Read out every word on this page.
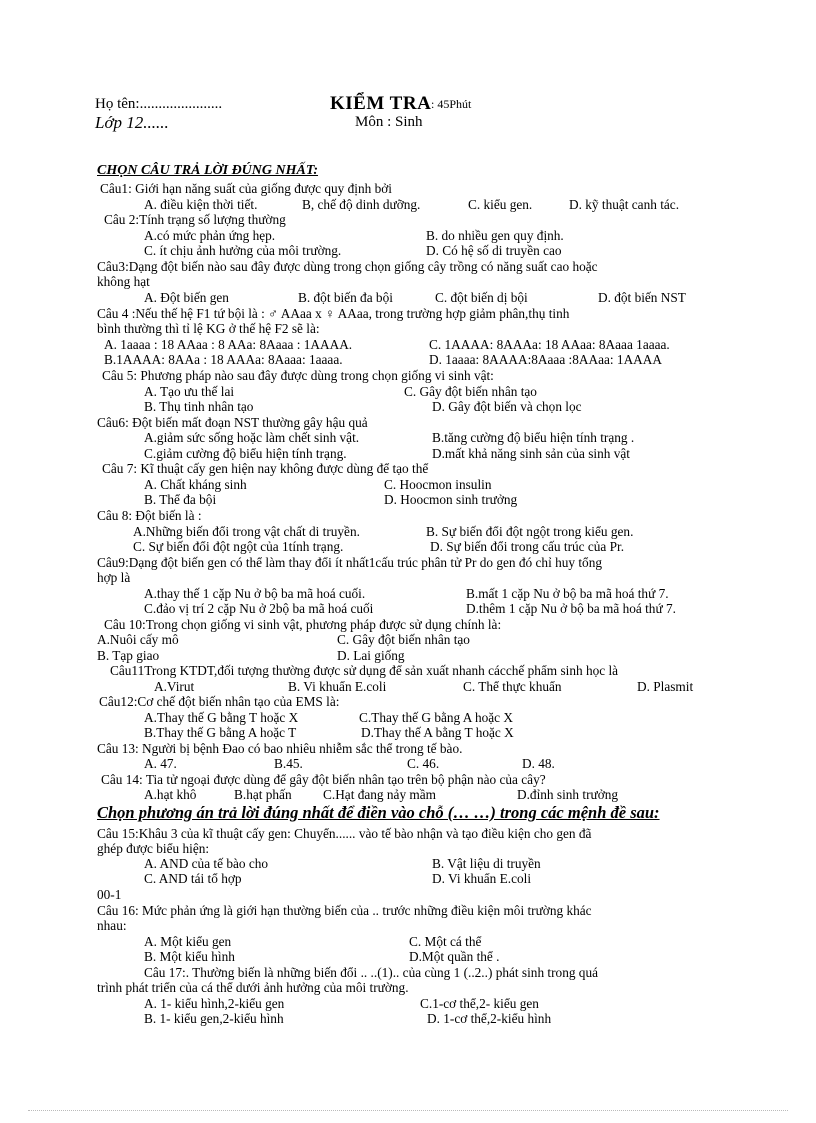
Họ tên:......................
Lớp 12......
KIỂM TRA : 45Phút
Môn : Sinh
CHỌN CÂU TRẢ LỜI ĐÚNG NHẤT:
Câu1: Giới hạn năng suất của giống được quy định bởi
A. điều kiện thời tiết.	B, chế độ dinh dưỡng.	C. kiểu gen.	D. kỹ thuật canh tác.
Câu 2:Tính trạng số lượng thường
A.có mức phản ứng hẹp.	B. do nhiều gen quy định.
C. ít chịu ảnh hưởng của môi trường.	D. Có hệ số di truyền cao
Câu3:Dạng đột biến nào sau đây được dùng trong chọn giống cây trồng có năng suất cao hoặc
không hạt
A. Đột biến gen	B. đột biến đa bội	C. đột biến dị bội	D. đột biến NST
Câu 4 :Nếu thế hệ F1 tứ bội là : ♂ AAaa x ♀ AAaa, trong trường hợp giảm phân,thụ tinh
bình thường thì tỉ lệ KG ở thế hệ F2 sẽ là:
A. 1aaaa : 18 AAaa : 8 AAa: 8Aaaa : 1AAAA.	C. 1AAAA: 8AAAa: 18 AAaa: 8Aaaa 1aaaa.
B.1AAAA: 8AAa : 18 AAAa: 8Aaaa: 1aaaa.	D. 1aaaa: 8AAAA:8Aaaa :8AAaa: 1AAAA
Câu 5: Phương pháp nào sau đây được dùng trong chọn giống vi sinh vật:
A. Tạo ưu thế lai	C. Gây đột biến nhân tạo
B. Thụ tinh nhân tạo	D. Gây đột biến và chọn lọc
Câu6: Đột biến mất đoạn NST thường gây hậu quả
A.giảm sức sống hoặc làm chết sinh vật.	B.tăng cường độ biểu hiện tính trạng .
C.giảm cường độ biểu hiện tính trạng.	D.mất khả năng sinh sản của sinh vật
Câu 7: Kĩ thuật cấy gen hiện nay không được dùng để tạo thể
A. Chất kháng sinh	C. Hoocmon insulin
B. Thể đa bội	D. Hoocmon sinh trưởng
Câu 8: Đột biến là :
A.Những biến đổi trong vật chất di truyền.	B. Sự biến đổi đột ngột trong kiểu gen.
C. Sự biến đổi đột ngột của 1tính trạng.	D. Sự biến đổi trong cấu trúc của Pr.
Câu9:Dạng đột biến gen có thể làm thay đổi ít nhất1cấu trúc phân tử Pr do gen đó chỉ huy tổng
hợp là
A.thay thế 1 cặp Nu ở bộ ba mã hoá cuối.	B.mất 1 cặp Nu ở bộ ba mã hoá thứ 7.
C.đảo vị trí 2 cặp Nu ở 2bộ ba mã hoá cuối	D.thêm 1 cặp Nu ở bộ ba mã hoá thứ 7.
Câu 10:Trong chọn giống vi sinh vật, phương pháp được sử dụng chính là:
A.Nuôi cấy mô	C. Gây đột biến nhân tạo
B. Tạp giao	D. Lai giống
Câu11Trong KTDT,đối tượng thường được sử dụng để sản xuất nhanh cácchế phẩm sinh học là
A.Virut	B. Vi khuẩn E.coli	C. Thể thực khuẩn	D. Plasmit
Câu12:Cơ chế đột biến nhân tạo của EMS là:
A.Thay thế G bằng T hoặc X	C.Thay thế G bằng A hoặc X
B.Thay thế G bằng A hoặc T	D.Thay thế A bằng T hoặc X
Câu 13: Người bị bệnh Đao có bao nhiêu nhiễm sắc thể trong tế bào.
A. 47.	B.45.	C. 46.	D. 48.
Câu 14: Tia tử ngoại được dùng để gây đột biến nhân tạo trên bộ phận nào của cây?
A.hạt khô	B.hạt phấn C.Hạt đang nảy mầm	D.đỉnh sinh trưởng
Chọn phương án trả lời đúng nhất để điền vào chỗ (… …) trong các mệnh đề sau:
Câu 15:Khâu 3 của kĩ thuật cấy gen: Chuyển...... vào tế bào nhận và tạo điều kiện cho gen đã
ghép được biểu hiện:
A. AND của tế bào cho	B. Vật liệu di truyền
C. AND tái tổ hợp	D. Vi khuẩn E.coli
00-1
Câu 16: Mức phản ứng là giới hạn thường biến của .. trước những điều kiện môi trường khác
nhau:
A. Một kiểu gen	C. Một cá thể
B. Một kiểu hình	D.Một quần thể .
Câu 17:. Thường biến là những biến đổi .. ..(1).. của cùng 1 (..2..) phát sinh trong quá
trình phát triển của cá thể dưới ảnh hưởng của môi trường.
A. 1- kiểu hình,2-kiểu gen	C.1-cơ thể,2- kiểu gen
B. 1- kiểu gen,2-kiểu hình	D. 1-cơ thể,2-kiểu hình
